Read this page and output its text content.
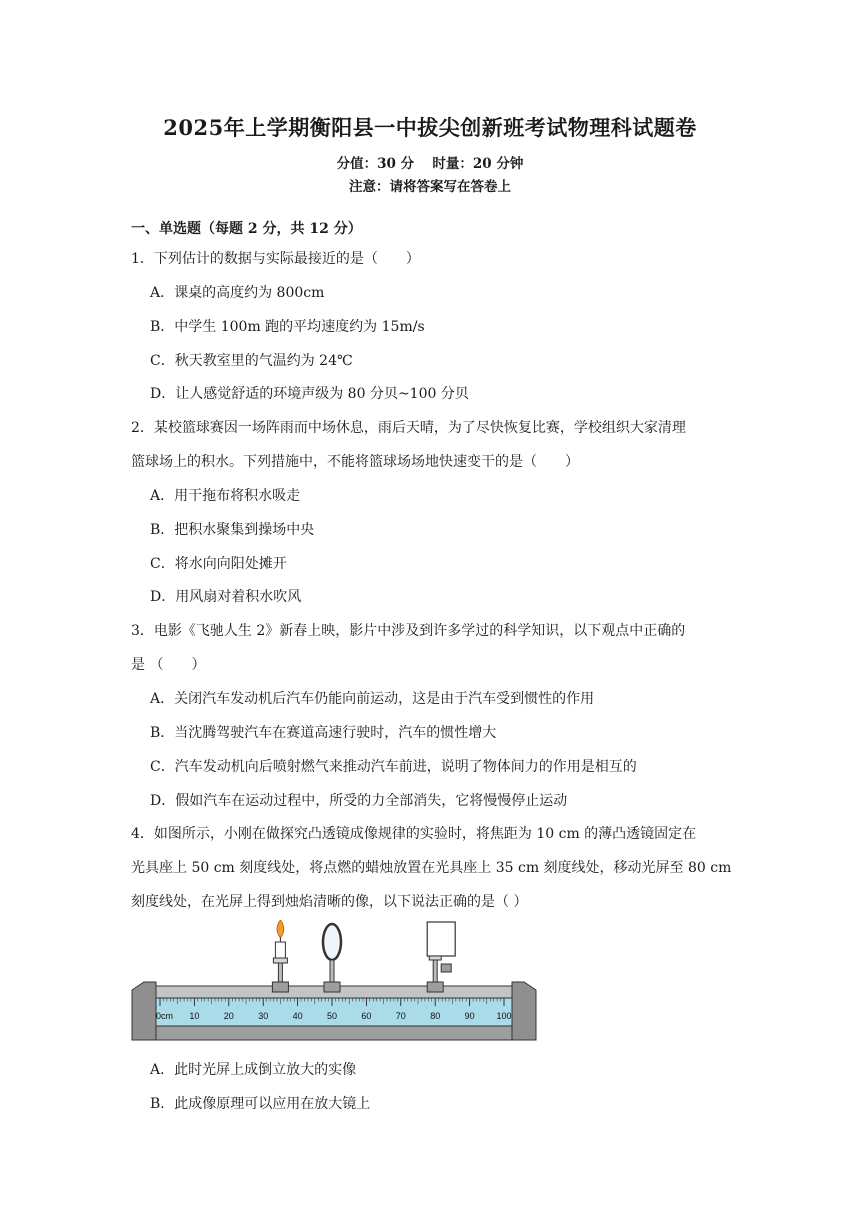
2025年上学期衡阳县一中拔尖创新班考试物理科试题卷
分值：30 分　 时量：20 分钟
注意：请将答案写在答卷上
一、单选题（每题 2 分，共 12 分）
1．下列估计的数据与实际最接近的是（　　）
A．课桌的高度约为 800cm
B．中学生 100m 跑的平均速度约为 15m/s
C．秋天教室里的气温约为 24℃
D．让人感觉舒适的环境声级为 80 分贝~100 分贝
2．某校篮球赛因一场阵雨而中场休息，雨后天晴，为了尽快恢复比赛，学校组织大家清理
篮球场上的积水。下列措施中，不能将篮球场场地快速变干的是（　　）
A．用干拖布将积水吸走
B．把积水聚集到操场中央
C．将水向向阳处摊开
D．用风扇对着积水吹风
3．电影《飞驰人生 2》新春上映，影片中涉及到许多学过的科学知识，以下观点中正确的
是 （　　）
A．关闭汽车发动机后汽车仍能向前运动，这是由于汽车受到惯性的作用
B．当沈腾驾驶汽车在赛道高速行驶时，汽车的惯性增大
C．汽车发动机向后喷射燃气来推动汽车前进，说明了物体间力的作用是相互的
D．假如汽车在运动过程中，所受的力全部消失，它将慢慢停止运动
4．如图所示，小刚在做探究凸透镜成像规律的实验时，将焦距为 10 cm 的薄凸透镜固定在
光具座上 50 cm 刻度线处，将点燃的蜡烛放置在光具座上 35 cm 刻度线处，移动光屏至 80 cm
刻度线处，在光屏上得到烛焰清晰的像，以下说法正确的是（ ）
0cm 10	20	30	40	50	60	70	80	90 100
A．此时光屏上成倒立放大的实像
B．此成像原理可以应用在放大镜上
